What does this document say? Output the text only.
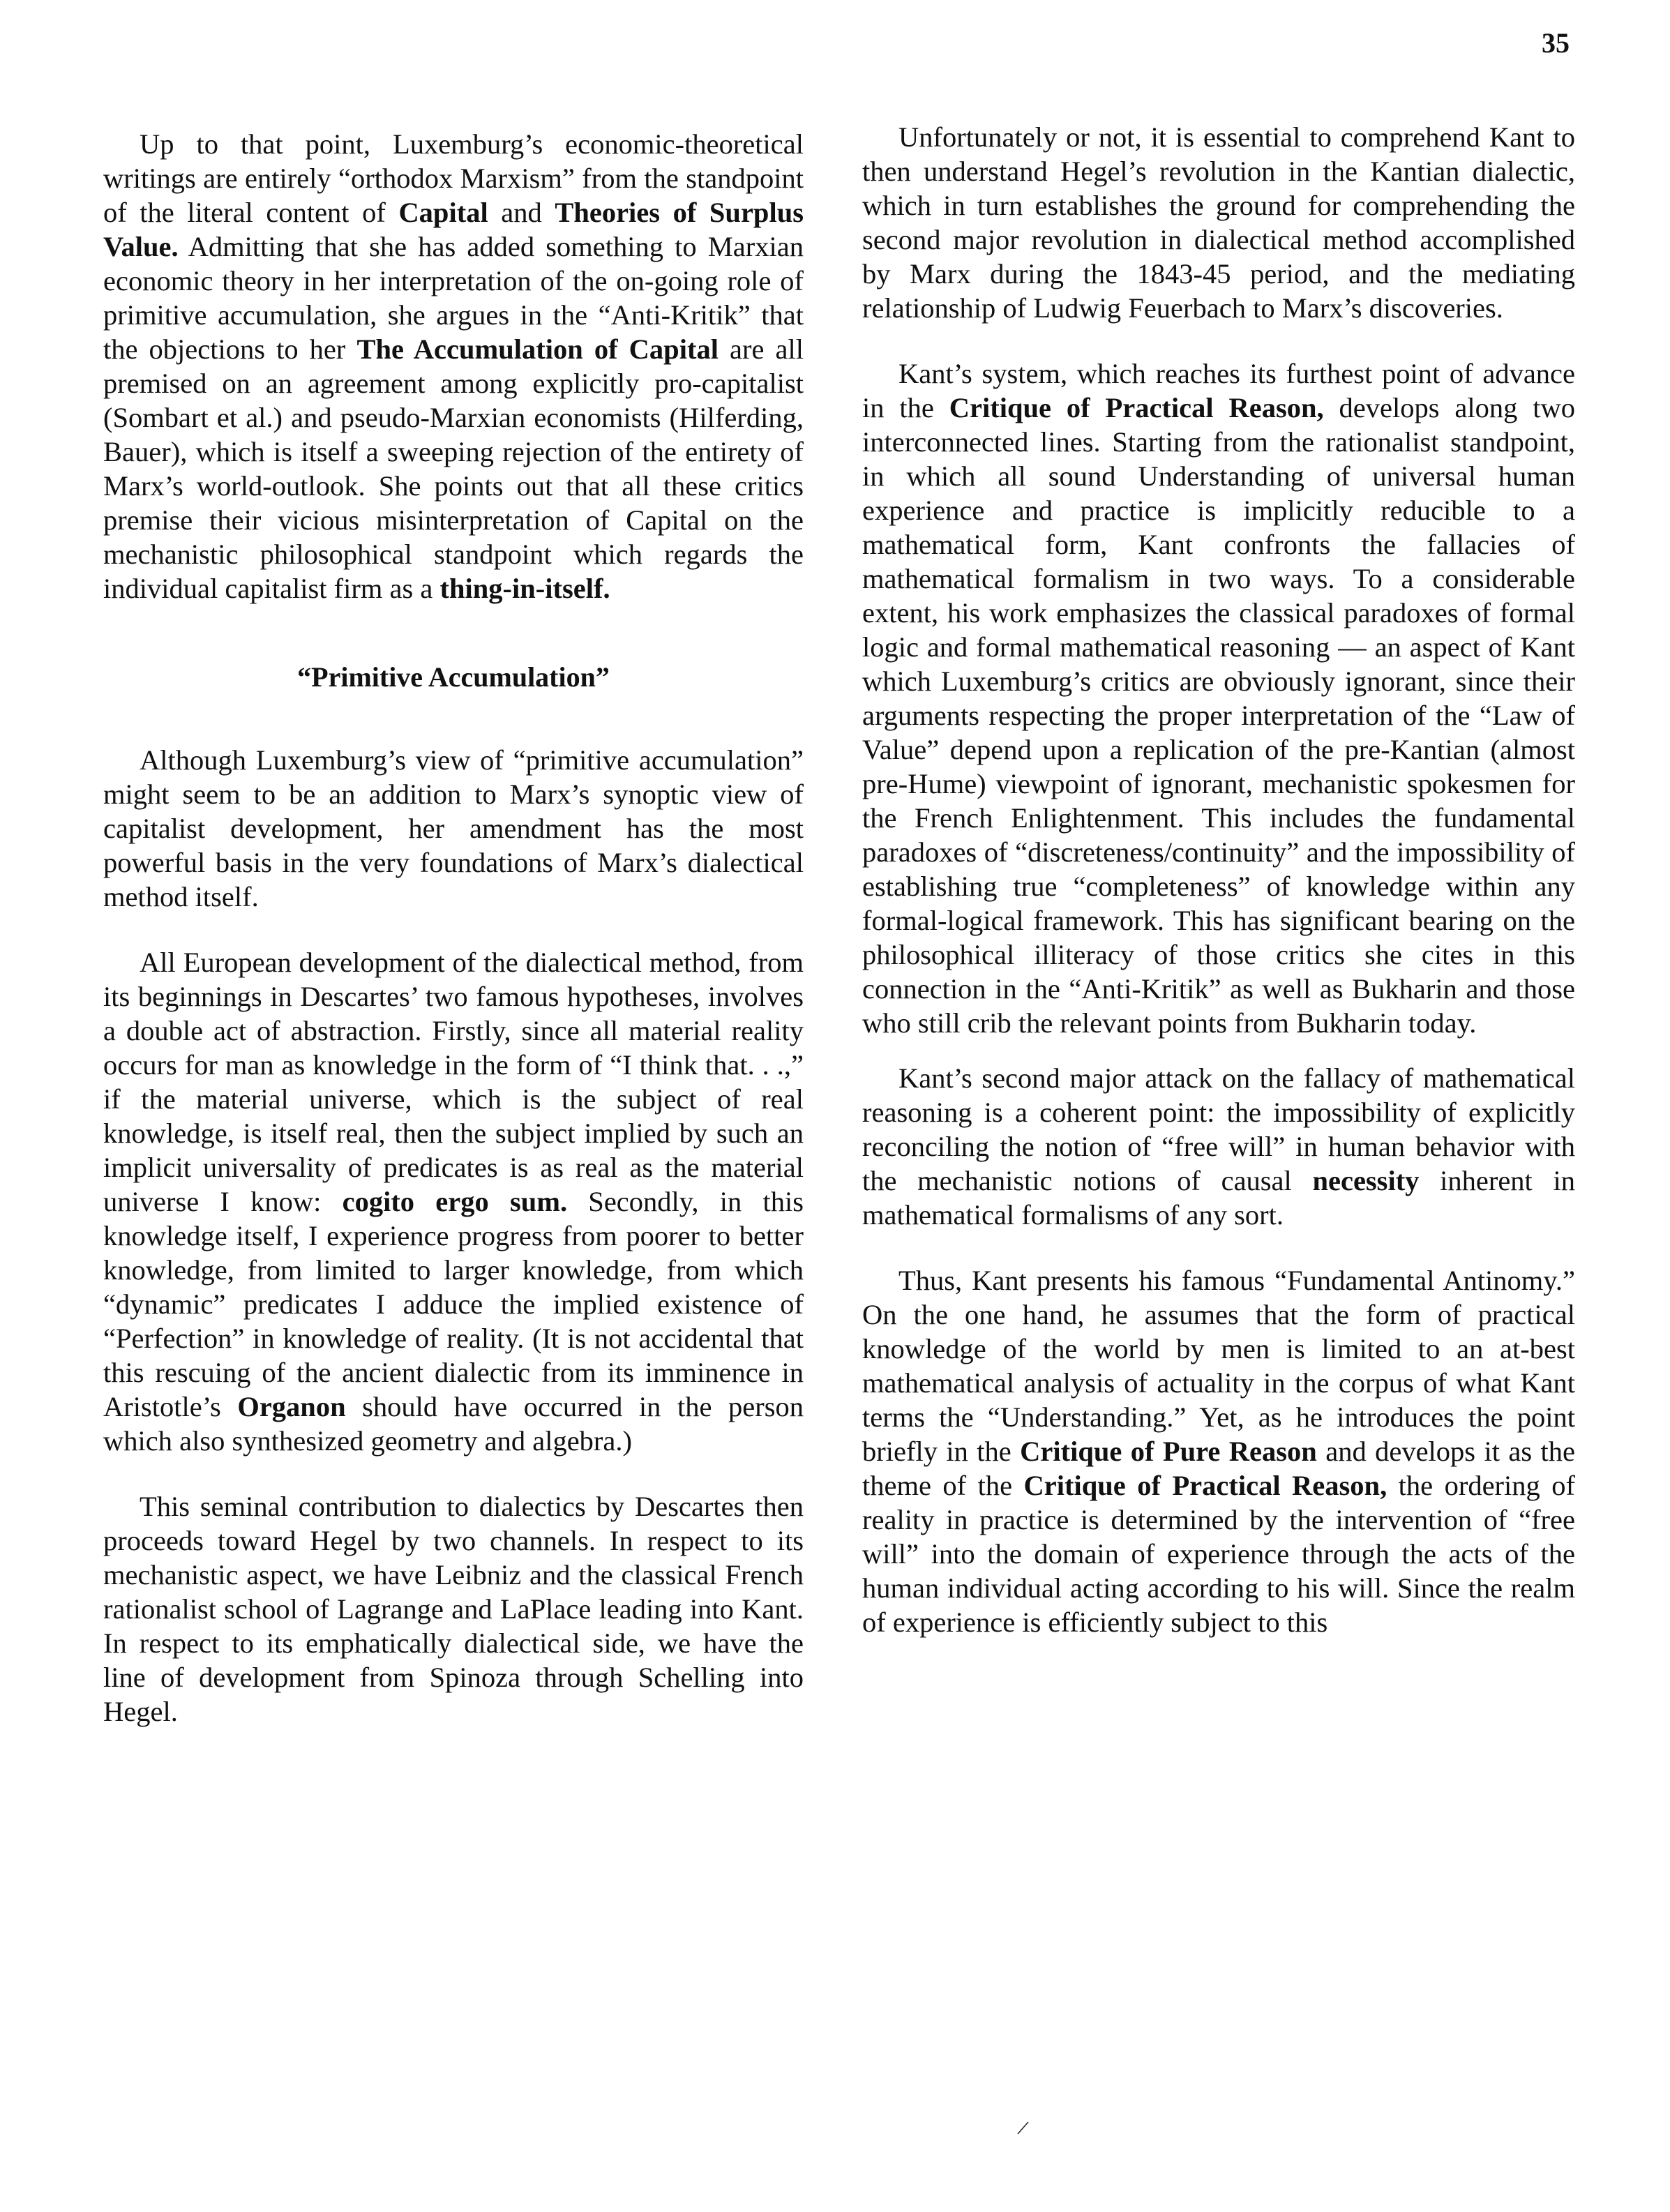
35

Up to that point, Luxemburg’s economic-theoretical writings are entirely “orthodox Marxism” from the standpoint of the literal content of Capital and Theories of Surplus Value. Admitting that she has added something to Marxian economic theory in her interpretation of the on-going role of primitive accumulation, she argues in the “Anti-Kritik” that the objections to her The Accumulation of Capital are all premised on an agreement among explicitly pro-capitalist (Sombart et al.) and pseudo-Marxian economists (Hilferding, Bauer), which is itself a sweeping rejection of the entirety of Marx’s world-outlook. She points out that all these critics premise their vicious misinterpretation of Capital on the mechanistic philosophical standpoint which regards the individual capitalist firm as a thing-in-itself.

“Primitive Accumulation”

Although Luxemburg’s view of “primitive accumulation” might seem to be an addition to Marx’s synoptic view of capitalist development, her amendment has the most powerful basis in the very foundations of Marx’s dialectical method itself.

All European development of the dialectical method, from its beginnings in Descartes’ two famous hypotheses, involves a double act of abstraction. Firstly, since all material reality occurs for man as knowledge in the form of “I think that. . .,” if the material universe, which is the subject of real knowledge, is itself real, then the subject implied by such an implicit universality of predicates is as real as the material universe I know: cogito ergo sum. Secondly, in this knowledge itself, I experience progress from poorer to better knowledge, from limited to larger knowledge, from which “dynamic” predicates I adduce the implied existence of “Perfection” in knowledge of reality. (It is not accidental that this rescuing of the ancient dialectic from its imminence in Aristotle’s Organon should have occurred in the person which also synthesized geometry and algebra.)

This seminal contribution to dialectics by Descartes then proceeds toward Hegel by two channels. In respect to its mechanistic aspect, we have Leibniz and the classical French rationalist school of Lagrange and LaPlace leading into Kant. In respect to its emphatically dialectical side, we have the line of development from Spinoza through Schelling into Hegel.

Unfortunately or not, it is essential to comprehend Kant to then understand Hegel’s revolution in the Kantian dialectic, which in turn establishes the ground for comprehending the second major revolution in dialectical method accomplished by Marx during the 1843-45 period, and the mediating relationship of Ludwig Feuerbach to Marx’s discoveries.

Kant’s system, which reaches its furthest point of advance in the Critique of Practical Reason, develops along two interconnected lines. Starting from the rationalist standpoint, in which all sound Understanding of universal human experience and practice is implicitly reducible to a mathematical form, Kant confronts the fallacies of mathematical formalism in two ways. To a considerable extent, his work emphasizes the classical paradoxes of formal logic and formal mathematical reasoning — an aspect of Kant which Luxemburg’s critics are obviously ignorant, since their arguments respecting the proper interpretation of the “Law of Value” depend upon a replication of the pre-Kantian (almost pre-Hume) viewpoint of ignorant, mechanistic spokesmen for the French Enlightenment. This includes the fundamental paradoxes of “discreteness/continuity” and the impossibility of establishing true “completeness” of knowledge within any formal-logical framework. This has significant bearing on the philosophical illiteracy of those critics she cites in this connection in the “Anti-Kritik” as well as Bukharin and those who still crib the relevant points from Bukharin today.

Kant’s second major attack on the fallacy of mathematical reasoning is a coherent point: the impossibility of explicitly reconciling the notion of “free will” in human behavior with the mechanistic notions of causal necessity inherent in mathematical formalisms of any sort.

Thus, Kant presents his famous “Fundamental Antinomy.” On the one hand, he assumes that the form of practical knowledge of the world by men is limited to an at-best mathematical analysis of actuality in the corpus of what Kant terms the “Understanding.” Yet, as he introduces the point briefly in the Critique of Pure Reason and develops it as the theme of the Critique of Practical Reason, the ordering of reality in practice is determined by the intervention of “free will” into the domain of experience through the acts of the human individual acting according to his will. Since the realm of experience is efficiently subject to this
